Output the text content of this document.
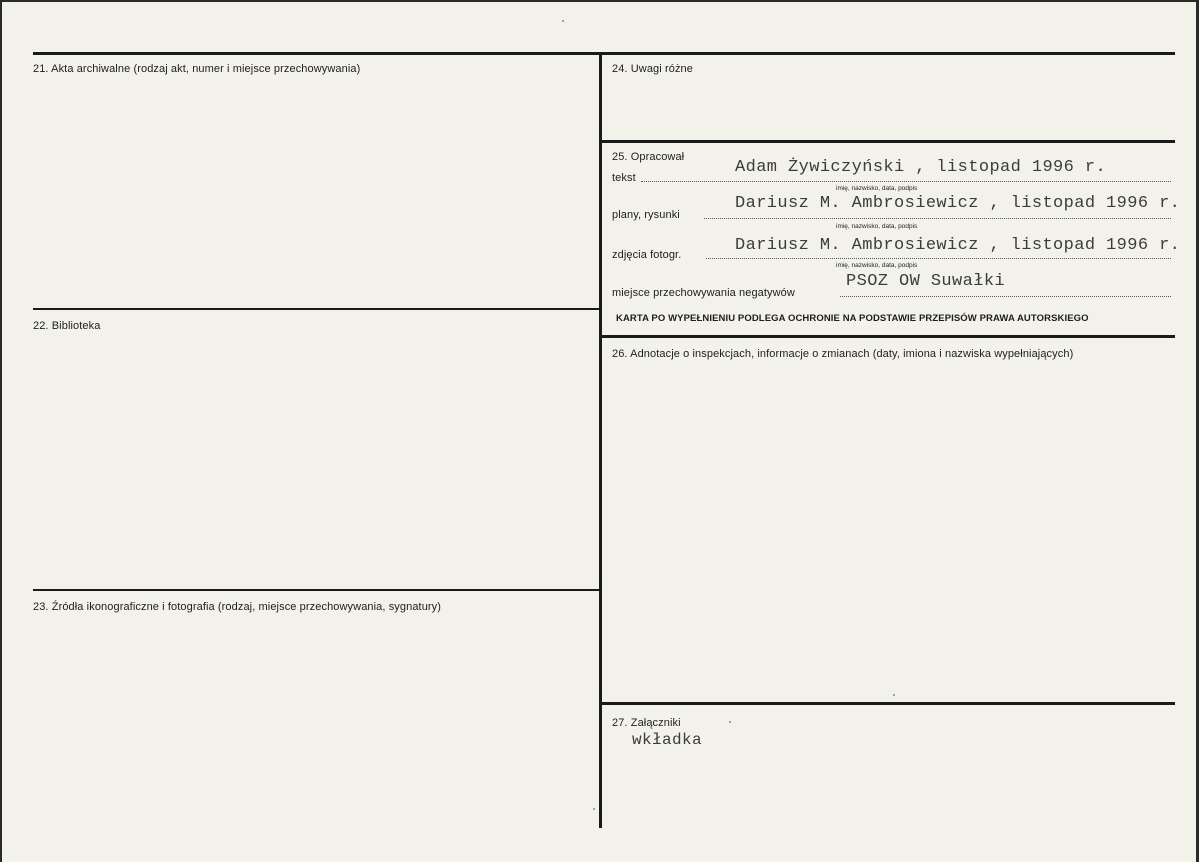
21. Akta archiwalne (rodzaj akt, numer i miejsce przechowywania)
22. Biblioteka
23. Źródła ikonograficzne i fotografia (rodzaj, miejsce przechowywania, sygnatury)
24. Uwagi różne
25. Opracował
tekst
Adam Żywiczyński , listopad 1996 r.
imię, nazwisko, data, podpis
plany, rysunki
Dariusz M. Ambrosiewicz , listopad 1996 r.
imię, nazwisko, data, podpis
zdjęcia fotogr.	Dariusz M. Ambrosiewicz , listopad 1996 r.
imię, nazwisko, data, podpis
miejsce przechowywania negatywów
PSOZ OW Suwałki
KARTA PO WYPEŁNIENIU PODLEGA OCHRONIE NA PODSTAWIE PRZEPISÓW PRAWA AUTORSKIEGO
26. Adnotacje o inspekcjach, informacje o zmianach (daty, imiona i nazwiska wypełniających)
27. Załączniki
wkładka
